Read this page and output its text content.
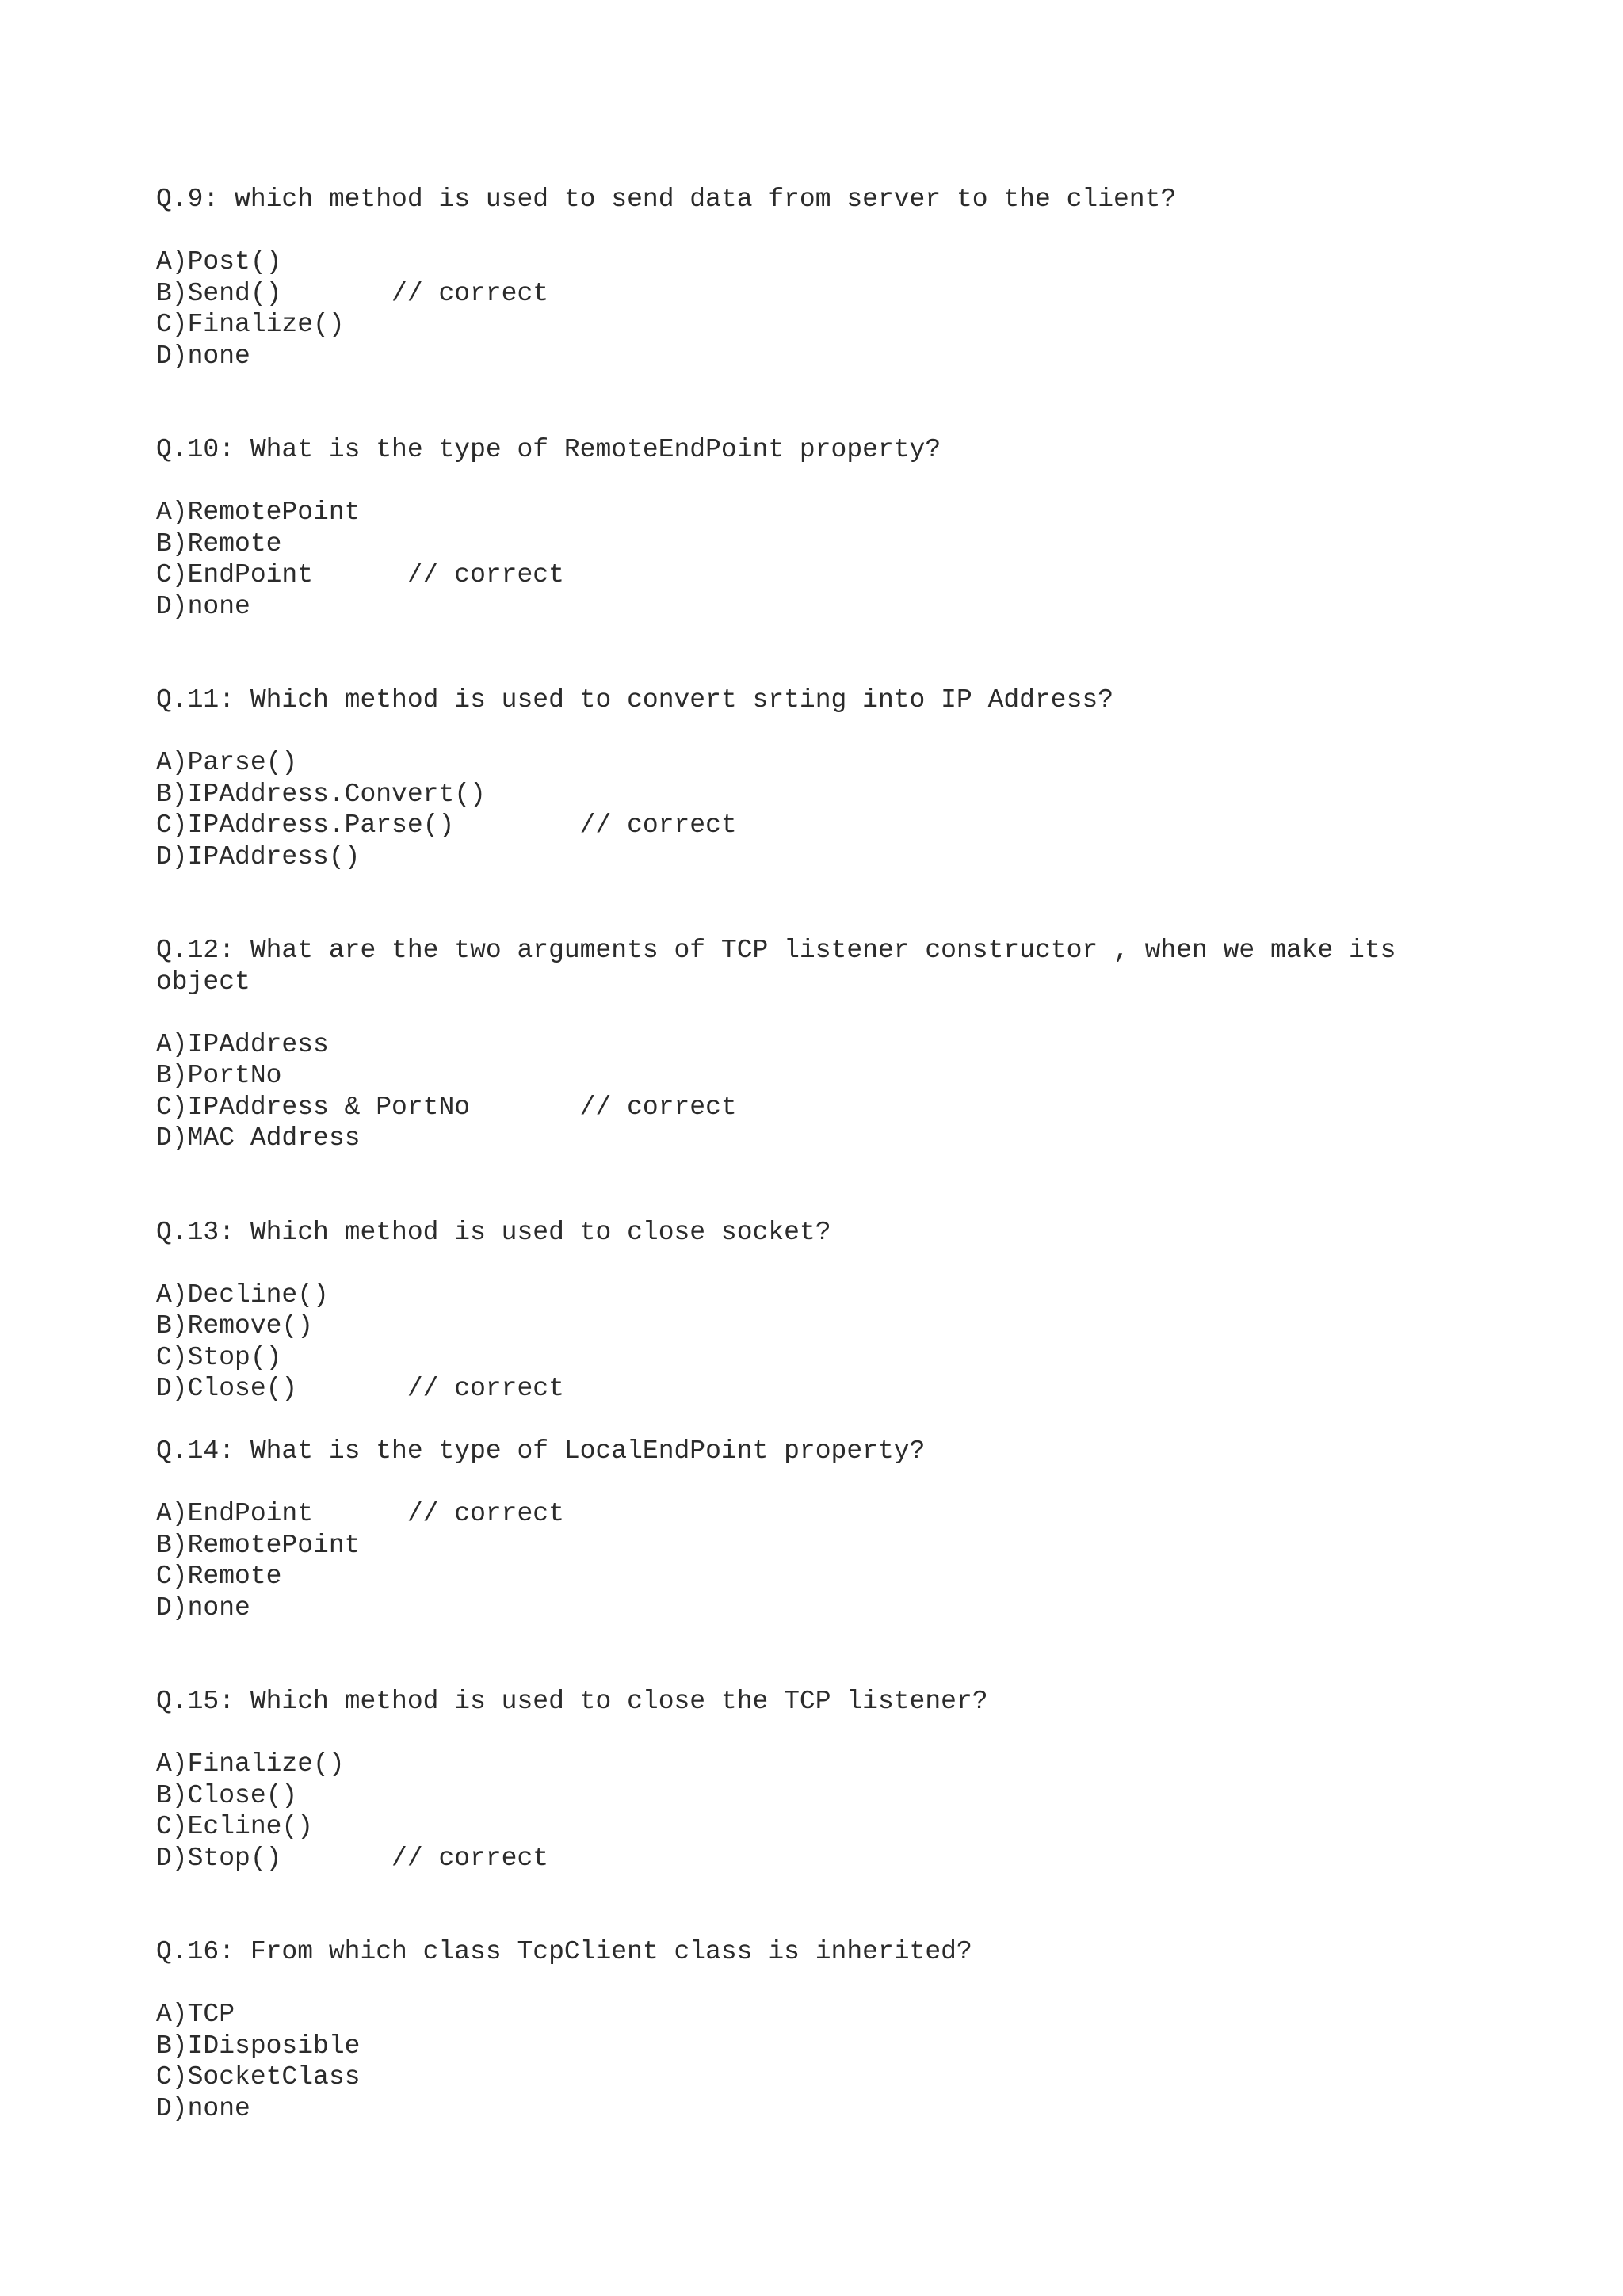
Q.9: which method is used to send data from server to the client?
A)Post()
B)Send()       // correct
C)Finalize()
D)none
Q.10: What is the type of RemoteEndPoint property?
A)RemotePoint
B)Remote
C)EndPoint      // correct
D)none
Q.11: Which method is used to convert srting into IP Address?
A)Parse()
B)IPAddress.Convert()
C)IPAddress.Parse()        // correct
D)IPAddress()
Q.12: What are the two arguments of TCP listener constructor , when we make its object
A)IPAddress
B)PortNo
C)IPAddress & PortNo       // correct
D)MAC Address
Q.13: Which method is used to close socket?
A)Decline()
B)Remove()
C)Stop()
D)Close()       // correct
Q.14: What is the type of LocalEndPoint property?
A)EndPoint      // correct
B)RemotePoint
C)Remote
D)none
Q.15: Which method is used to close the TCP listener?
A)Finalize()
B)Close()
C)Ecline()
D)Stop()       // correct
Q.16: From which class TcpClient class is inherited?
A)TCP
B)IDisposible
C)SocketClass
D)none
